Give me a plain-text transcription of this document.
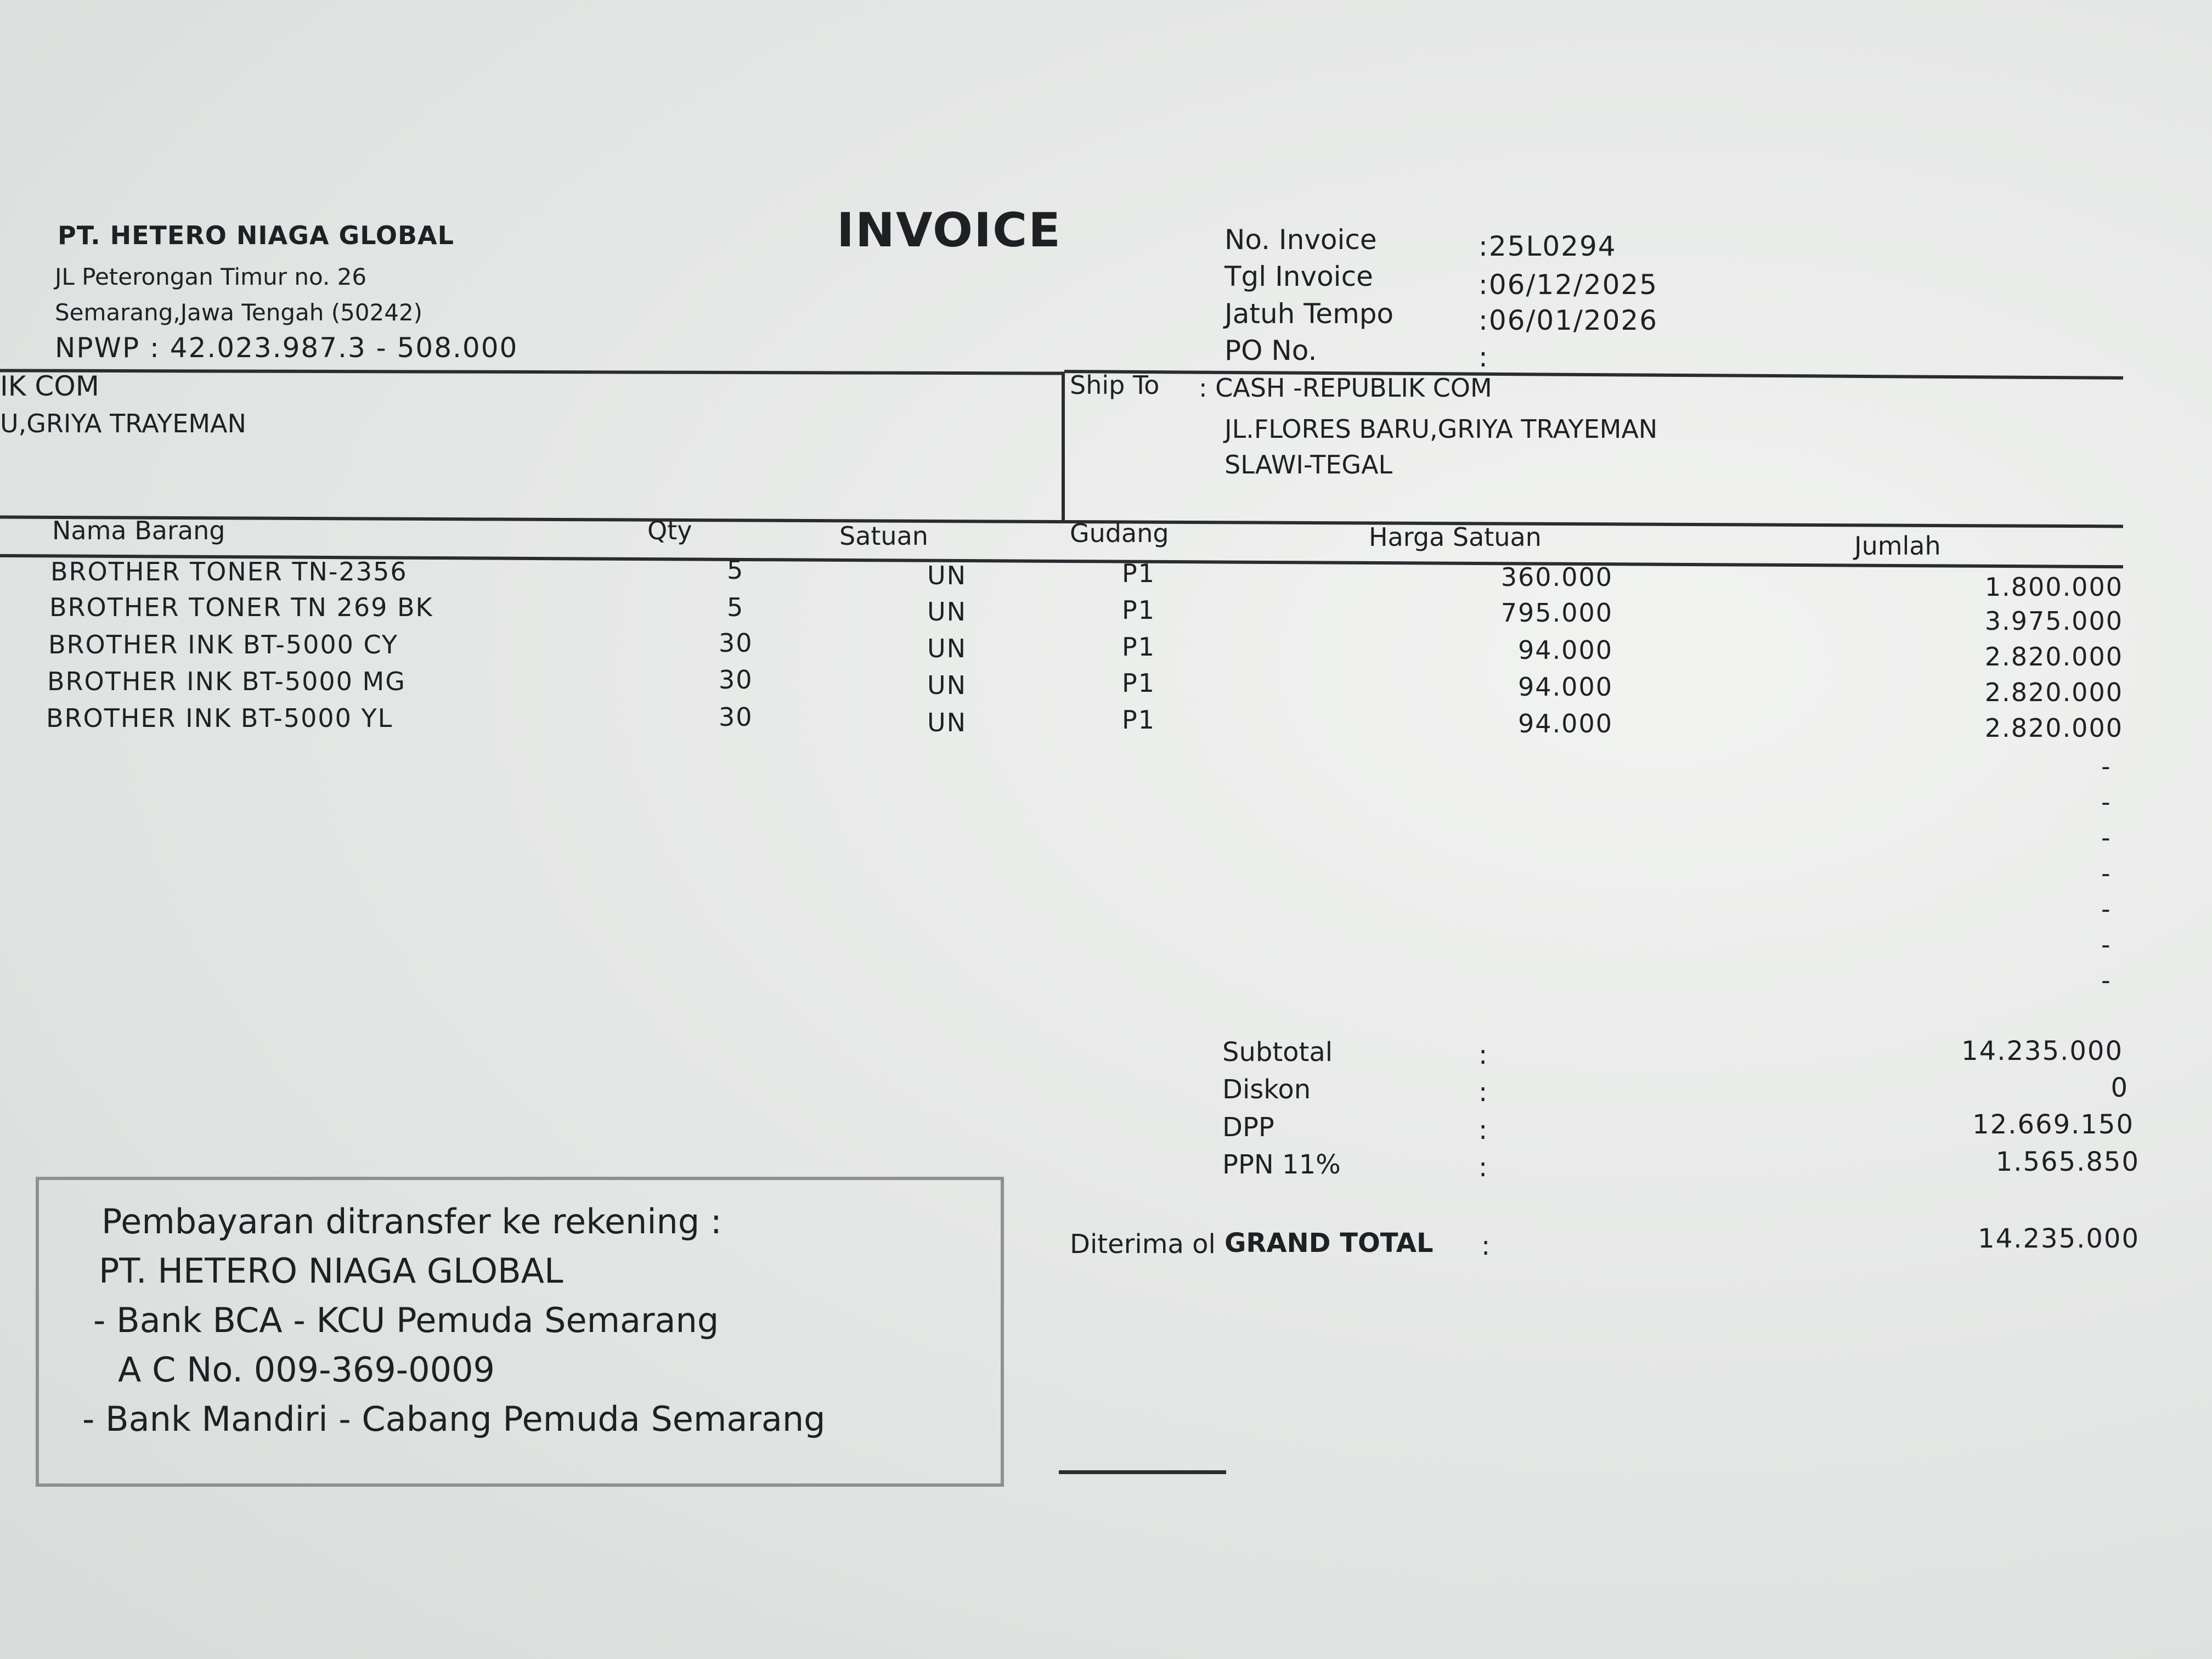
PT. HETERO NIAGA GLOBAL
JL Peterongan Timur no. 26
Semarang,Jawa Tengah (50242)
NPWP : 42.023.987.3 - 508.000
INVOICE	No. Invoice	:25L0294
Tgl Invoice	:06/12/2025
Jatuh Tempo	:06/01/2026
PO No.	:
IK COM
U,GRIYA TRAYEMAN
Ship To : CASH -REPUBLIK COM
JL.FLORES BARU,GRIYA TRAYEMAN
SLAWI-TEGAL
Nama Barang	Qty	Satuan	Gudang	Harga Satuan	Jumlah
BROTHER TONER TN-2356	5	UN	P1	360.000	1.800.000
BROTHER TONER TN 269 BK	5	UN	P1	795.000	3.975.000
BROTHER INK BT-5000 CY	30	UN	P1	94.000	2.820.000
BROTHER INK BT-5000 MG	30	UN	P1	94.000	2.820.000
BROTHER INK BT-5000 YL	30	UN	P1	94.000	2.820.000
-
-
-
-
-
-
-
Subtotal	:	14.235.000
Diskon	:	0
DPP	:	12.669.150
PPN 11%	:	1.565.850
Diterima ol GRAND TOTAL :	14.235.000
Pembayaran ditransfer ke rekening :
PT. HETERO NIAGA GLOBAL
- Bank BCA - KCU Pemuda Semarang
A C No. 009-369-0009
- Bank Mandiri - Cabang Pemuda Semarang
